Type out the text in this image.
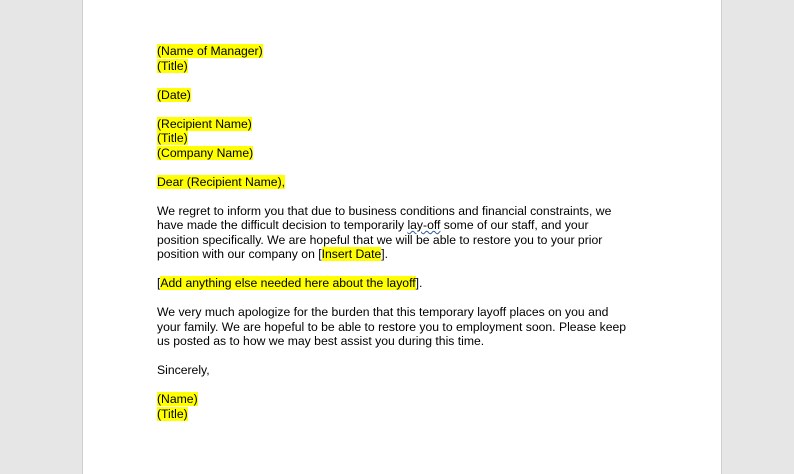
(Name of Manager)
(Title)
(Date)
(Recipient Name)
(Title)
(Company Name)
Dear (Recipient Name),
We regret to inform you that due to business conditions and financial constraints, we
have made the difficult decision to temporarily lay-off some of our staff, and your
position specifically. We are hopeful that we will be able to restore you to your prior
position with our company on [Insert Date].
[Add anything else needed here about the layoff].
We very much apologize for the burden that this temporary layoff places on you and
your family. We are hopeful to be able to restore you to employment soon. Please keep
us posted as to how we may best assist you during this time.
Sincerely,
(Name)
(Title)
